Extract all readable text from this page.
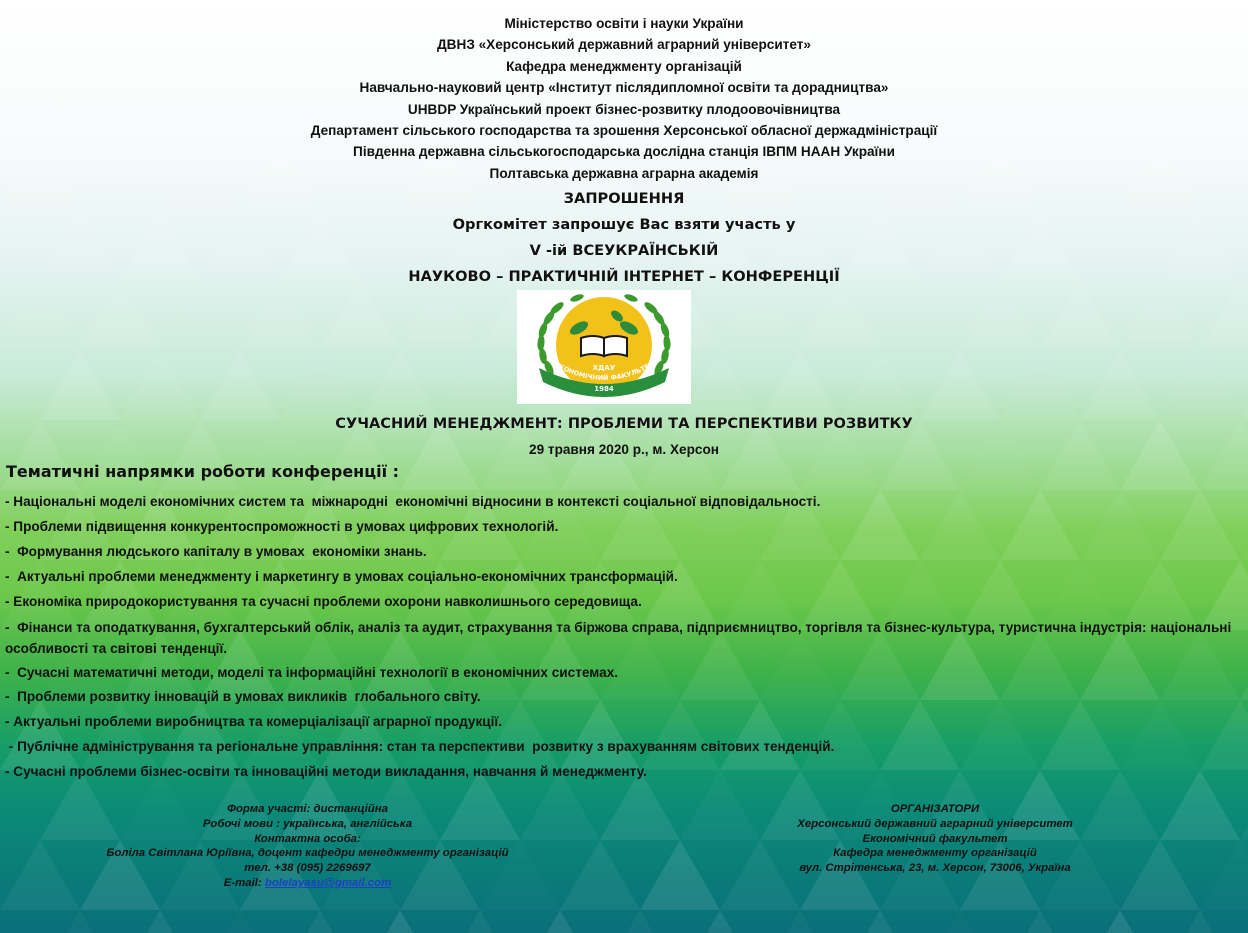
Міністерство освіти і науки України
ДВНЗ «Херсонський державний аграрний університет»
Кафедра менеджменту організацій
Навчально-науковий центр «Інститут післядипломної освіти та дорадництва»
UHBDP Український проект бізнес-розвитку плодоовочівництва
Департамент сільського господарства та зрошення Херсонської обласної держадміністрації
Південна державна сільськогосподарська дослідна станція ІВПМ НААН України
Полтавська державна аграрна академія
ЗАПРОШЕННЯ
Оргкомітет запрошує Вас взяти участь у
V -ій ВСЕУКРАЇНСЬКІЙ
НАУКОВО – ПРАКТИЧНІЙ ІНТЕРНЕТ – КОНФЕРЕНЦІЇ
ХДАУ
КОНОМІЧНИЙ ФАКУЛЬТЕ
1984
СУЧАСНИЙ МЕНЕДЖМЕНТ: ПРОБЛЕМИ ТА ПЕРСПЕКТИВИ РОЗВИТКУ
29 травня 2020 р., м. Херсон
Тематичні напрямки роботи конференції :
- Національні моделі економічних систем та  міжнародні  економічні відносини в контексті соціальної відповідальності.
- Проблеми підвищення конкурентоспроможності в умовах цифрових технологій.
-  Формування людського капіталу в умовах  економіки знань.
-  Актуальні проблеми менеджменту і маркетингу в умовах соціально-економічних трансформацій.
- Економіка природокористування та сучасні проблеми охорони навколишнього середовища.
-  Фінанси та оподаткування, бухгалтерський облік, аналіз та аудит, страхування та біржова справа, підприємництво, торгівля та бізнес-культура, туристична індустрія: національні особливості та світові тенденції.
-  Сучасні математичні методи, моделі та інформаційні технології в економічних системах.
-  Проблеми розвитку інновацій в умовах викликів  глобального світу.
- Актуальні проблеми виробництва та комерціалізації аграрної продукції.
- Публічне адміністрування та регіональне управління: стан та перспективи  розвитку з врахуванням світових тенденцій.
- Сучасні проблеми бізнес-освіти та інноваційні методи викладання, навчання й менеджменту.
Форма участі: дистанційна
Робочі мови : українська, англійська
Контактна особа:
Боліла Світлана Юріївна, доцент кафедри менеджменту організацій
тел. +38 (095) 2269697
E-mail: bolelayasu@gmail.com
ОРГАНІЗАТОРИ
Херсонський державний аграрний університет
Економічний факультет
Кафедра менеджменту організацій
вул. Стрітенська, 23, м. Херсон, 73006, Україна
